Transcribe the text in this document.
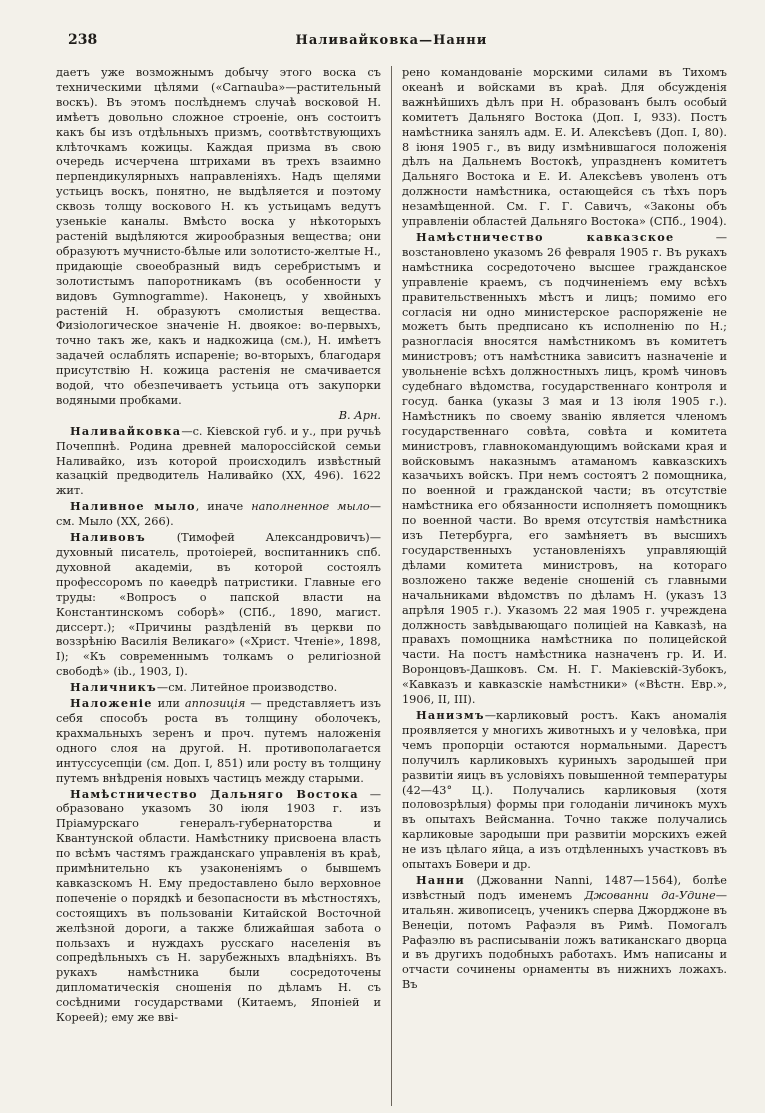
238	Наливайковка—Нанни

даетъ уже возможнымъ добычу этого воска съ техническими цѣлями («Carnauba»—растительный воскъ). Въ этомъ послѣднемъ случаѣ восковой Н. имѣетъ довольно сложное строеніе, онъ состоитъ какъ бы изъ отдѣльныхъ призмъ, соотвѣтствующихъ клѣточкамъ кожицы. Каждая призма въ свою очередь исчерчена штрихами въ трехъ взаимно перпендикулярныхъ направленіяхъ. Надъ щелями устьицъ воскъ, понятно, не выдѣляется и поэтому сквозь толщу воскового Н. къ устьицамъ ведутъ узенькіе каналы. Вмѣсто воска у нѣкоторыхъ растеній выдѣляются жирообразныя вещества; они образуютъ мучнисто-бѣлые или золотисто-желтые Н., придающіе своеобразный видъ серебристымъ и золотистымъ папоротникамъ (въ особенности у видовъ Gymnogramme). Наконецъ, у хвойныхъ растеній Н. образуютъ смолистыя вещества. Физіологическое значеніе Н. двоякое: во-первыхъ, точно такъ же, какъ и надкожица (см.), Н. имѣетъ задачей ослаблять испареніе; во-вторыхъ, благодаря присутствію Н. кожица растенія не смачивается водой, что обезпечиваетъ устьица отъ закупорки водяными пробками.
В. Арн.

Наливайковка—с. Кіевской губ. и у., при ручьѣ Почеппнѣ. Родина древней малороссійской семьи Наливайко, изъ которой происходилъ извѣстный казацкій предводитель Наливайко (XX, 496). 1622 жит.

Наливное мыло, иначе наполненное мыло—см. Мыло (XX, 266).

Наливовъ	(Тимофей Александровичъ)—духовный писатель, протоіерей, воспитанникъ спб. духовной академіи, въ которой состоялъ профессоромъ по каѳедрѣ патристики. Главные его труды: «Вопросъ о папской власти на Константинскомъ соборѣ» (СПб., 1890, магист. диссерт.); «Причины раздѣленій въ церкви по воззрѣнію Василія Великаго» («Христ. Чтеніе», 1898, I); «Къ современнымъ толкамъ о религіозной свободѣ» (ib., 1903, I).

Наличникъ—см. Литейное производство.

Наложеніе или аппозиція — представляетъ изъ себя способъ роста въ толщину оболочекъ, крахмальныхъ зеренъ и проч. путемъ наложенія одного слоя на другой. Н. противополагается интуссусепціи (см. Доп. I, 851) или росту въ толщину путемъ внѣдренія новыхъ частицъ между старыми.

Намѣстничество Дальняго Востока — образовано указомъ 30 іюля 1903 г. изъ Пріамурскаго генералъ-губернаторства и Квантунской области. Намѣстнику присвоена власть по всѣмъ частямъ гражданскаго управленія въ краѣ, примѣнительно къ узаконеніямъ о бывшемъ кавказскомъ Н. Ему предоставлено было верховное попеченіе о порядкѣ и безопасности въ мѣстностяхъ, состоящихъ въ пользованіи Китайской Восточной желѣзной дороги, а также ближайшая забота о пользахъ и нуждахъ русскаго населенія въ сопредѣльныхъ съ Н. зарубежныхъ владѣніяхъ. Въ рукахъ намѣстника были сосредоточены дипломатическія сношенія по дѣламъ Н. съ сосѣдними государствами (Китаемъ, Японіей и Кореей); ему же вві-

рено командованіе морскими силами въ Тихомъ океанѣ и войсками въ краѣ. Для обсужденія важнѣйшихъ дѣлъ при Н. образованъ былъ особый комитетъ Дальняго Востока (Доп. I, 933). Постъ намѣстника занялъ адм. Е. И. Алексѣевъ (Доп. I, 80). 8 іюня 1905 г., въ виду измѣнившагося положенія дѣлъ на Дальнемъ Востокѣ, упраздненъ комитетъ Дальняго Востока и Е. И. Алексѣевъ уволенъ отъ должности намѣстника, остающейся съ тѣхъ поръ незамѣщенной. См. Г. Г. Савичъ, «Законы объ управленіи областей Дальняго Востока» (СПб., 1904).

Намѣстничество кавказское	— возстановлено указомъ 26 февраля 1905 г. Въ рукахъ намѣстника сосредоточено высшее гражданское управленіе краемъ, съ подчиненіемъ ему всѣхъ правительственныхъ мѣстъ и лицъ; помимо его согласія ни одно министерское распоряженіе не можетъ быть предписано къ исполненію по Н.; разногласія вносятся намѣстникомъ въ комитетъ министровъ; отъ намѣстника зависитъ назначеніе и увольненіе всѣхъ должностныхъ лицъ, кромѣ чиновъ судебнаго вѣдомства, государственнаго контроля и госуд. банка (указы 3 мая и 13 іюля 1905 г.). Намѣстникъ по своему званію является членомъ государственнаго совѣта, совѣта и комитета министровъ, главнокомандующимъ войсками края и войсковымъ наказнымъ атаманомъ кавказскихъ казачьихъ войскъ. При немъ состоятъ 2 помощника, по военной и гражданской части; въ отсутствіе намѣстника его обязанности исполняетъ помощникъ по военной части. Во время отсутствія намѣстника изъ Петербурга, его замѣняетъ въ высшихъ государственныхъ установленіяхъ управляющій дѣлами комитета министровъ, на котораго возложено также веденіе сношеній съ главными начальниками вѣдомствъ по дѣламъ Н. (указъ 13 апрѣля 1905 г.). Указомъ 22 мая 1905 г. учреждена должность завѣдывающаго полиціей на Кавказѣ, на правахъ помощника намѣстника по полицейской части. На постъ намѣстника назначенъ гр. И. И. Воронцовъ-Дашковъ. См. Н. Г. Макіевскій-Зубокъ, «Кавказъ и кавказскіе намѣстники» («Вѣстн. Евр.», 1906, II, III).

Нанизмъ—карликовый ростъ. Какъ аномалія проявляется у многихъ животныхъ и у человѣка, при чемъ пропорціи остаются нормальными. Дарестъ получилъ карликовыхъ куриныхъ зародышей при развитіи яицъ въ условіяхъ повышенной температуры (42—43° Ц.). Получались карликовыя (хотя половозрѣлыя) формы при голоданіи личинокъ мухъ въ опытахъ Вейсманна. Точно также получались карликовые зародыши при развитіи морскихъ ежей не изъ цѣлаго яйца, а изъ отдѣленныхъ участковъ въ опытахъ Бовери и др.

Нанни (Джованни Nanni, 1487—1564), болѣе извѣстный подъ именемъ Джованни да-Удине— итальян. живописецъ, ученикъ сперва Джорджоне въ Венеціи, потомъ Рафаэля въ Римѣ. Помогалъ Рафаэлю въ расписываніи ложъ ватиканскаго дворца и въ другихъ подобныхъ работахъ. Имъ написаны и отчасти сочинены орнаменты въ нижнихъ ложахъ. Въ
